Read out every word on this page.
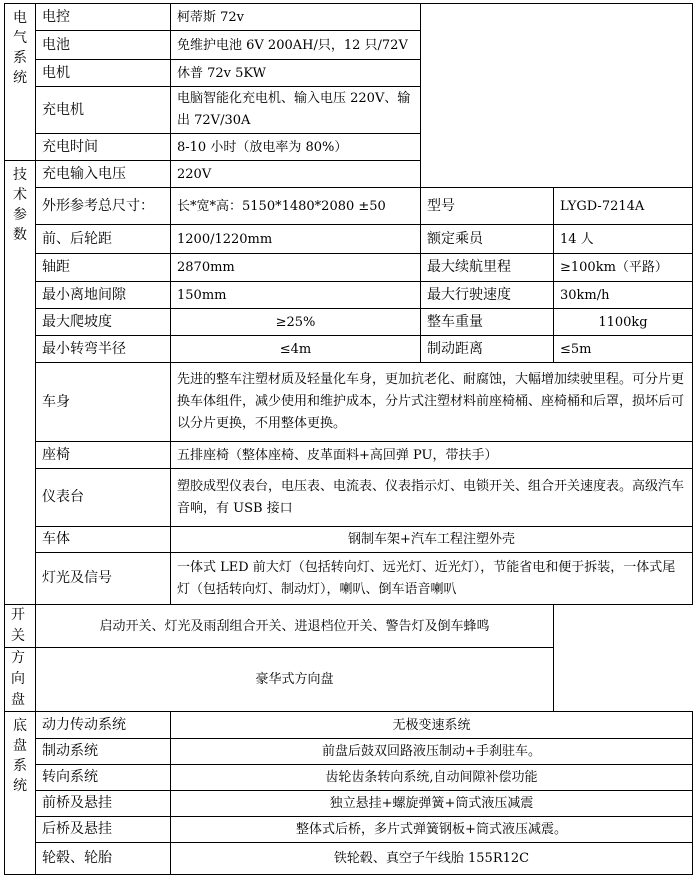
电
气
系
统	电控	柯蒂斯 72v		
	电池	免维护电池 6V 200AH/只，12 只/72V		
	电机	休普 72v 5KW		
	充电机	电脑智能化充电机、输入电压 220V、输出 72V/30A		
	充电时间	8-10 小时（放电率为 80%）		

技
术
参
数	充电输入电压	220V		
	外形参考总尺寸：	长*宽*高：5150*1480*2080 ±50	型号	LYGD-7214A
	前、后轮距	1200/1220mm	额定乘员	14 人
	轴距	2870mm	最大续航里程	≥100km（平路）
	最小离地间隙	150mm	最大行驶速度	30km/h
	最大爬坡度	≥25%	整车重量	1100kg
	最小转弯半径	≤4m	制动距离	≤5m
	车身	先进的整车注塑材质及轻量化车身，更加抗老化、耐腐蚀，大幅增加续驶里程。可分片更换车体组件，减少使用和维护成本，分片式注塑材料前座椅桶、座椅桶和后罩，损坏后可以分片更换，不用整体更换。		
	座椅	五排座椅（整体座椅、皮革面料+高回弹 PU，带扶手）		
	仪表台	塑胶成型仪表台，电压表、电流表、仪表指示灯、电锁开关、组合开关速度表。高级汽车音响，有 USB 接口		
	车体	钢制车架+汽车工程注塑外壳		
	灯光及信号	一体式 LED 前大灯（包括转向灯、远光灯、近光灯），节能省电和便于拆装，一体式尾灯（包括转向灯、制动灯），喇叭、倒车语音喇叭		
开关	启动开关、灯光及雨刮组合开关、进退档位开关、警告灯及倒车蜂鸣			
方向盘	豪华式方向盘			

底
盘
系
统	动力传动系统	无极变速系统		
	制动系统	前盘后鼓双回路液压制动+手刹驻车。		
	转向系统	齿轮齿条转向系统,自动间隙补偿功能		
	前桥及悬挂	独立悬挂+螺旋弹簧+筒式液压减震		
	后桥及悬挂	整体式后桥，多片式弹簧钢板+筒式液压减震。		
	轮毂、轮胎	铁轮毂、真空子午线胎 155R12C		
